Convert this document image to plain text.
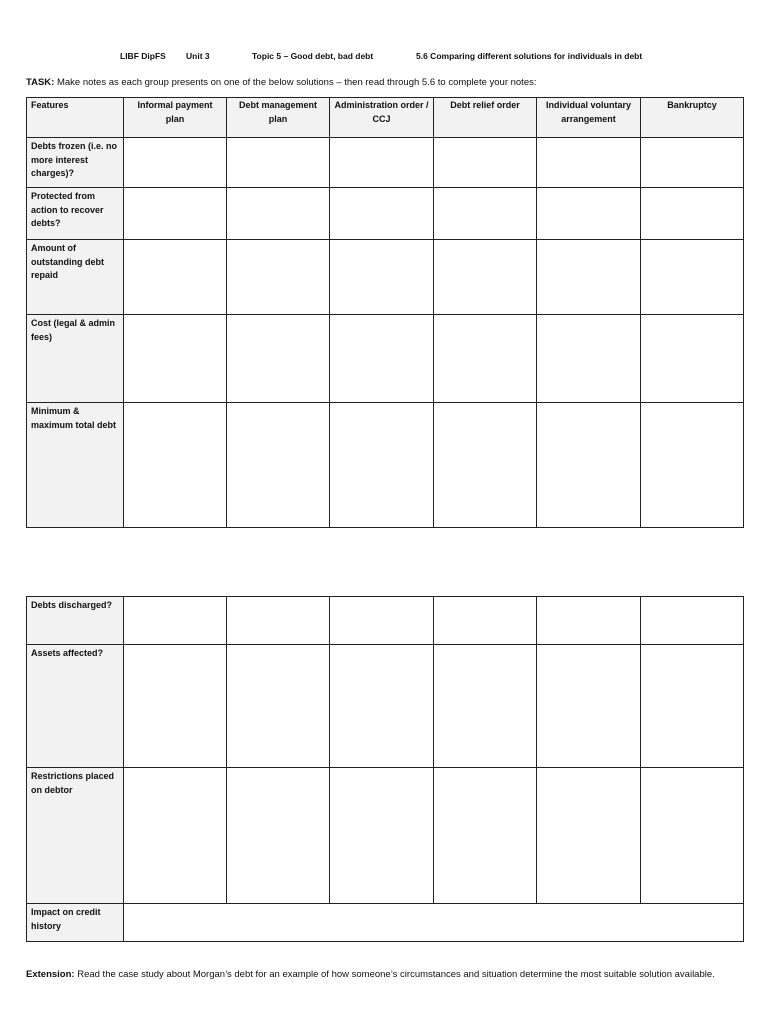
LIBF DipFS Unit 3	Topic 5 – Good debt, bad debt	5.6 Comparing different solutions for individuals in debt
TASK: Make notes as each group presents on one of the below solutions – then read through 5.6 to complete your notes:
Features	Informal payment plan	Debt management plan	Administration order / CCJ	Debt relief order	Individual voluntary arrangement	Bankruptcy
Debts frozen (i.e. no more interest charges)?						
Protected from action to recover debts?						
Amount of outstanding debt repaid						
Cost (legal & admin fees)						
Minimum & maximum total debt						
Debts discharged?						
Assets affected?						
Restrictions placed on debtor						
Impact on credit history						
Extension: Read the case study about Morgan’s debt for an example of how someone’s circumstances and situation determine the most suitable solution available.
